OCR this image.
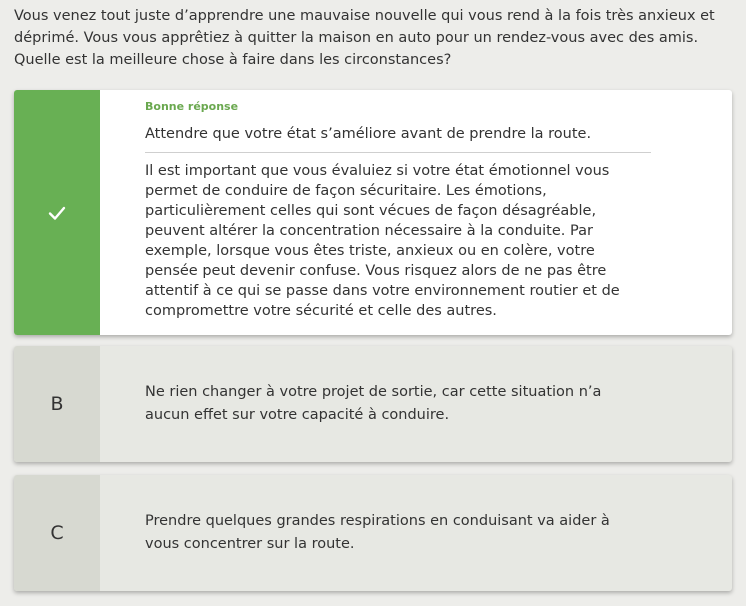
Vous venez tout juste d’apprendre une mauvaise nouvelle qui vous rend à la fois très anxieux et déprimé. Vous vous apprêtiez à quitter la maison en auto pour un rendez-vous avec des amis. Quelle est la meilleure chose à faire dans les circonstances?

Bonne réponse

Attendre que votre état s’améliore avant de prendre la route.

Il est important que vous évaluiez si votre état émotionnel vous permet de conduire de façon sécuritaire. Les émotions, particulièrement celles qui sont vécues de façon désagréable, peuvent altérer la concentration nécessaire à la conduite. Par exemple, lorsque vous êtes triste, anxieux ou en colère, votre pensée peut devenir confuse. Vous risquez alors de ne pas être attentif à ce qui se passe dans votre environnement routier et de compromettre votre sécurité et celle des autres.

B

Ne rien changer à votre projet de sortie, car cette situation n’a aucun effet sur votre capacité à conduire.

C

Prendre quelques grandes respirations en conduisant va aider à vous concentrer sur la route.
